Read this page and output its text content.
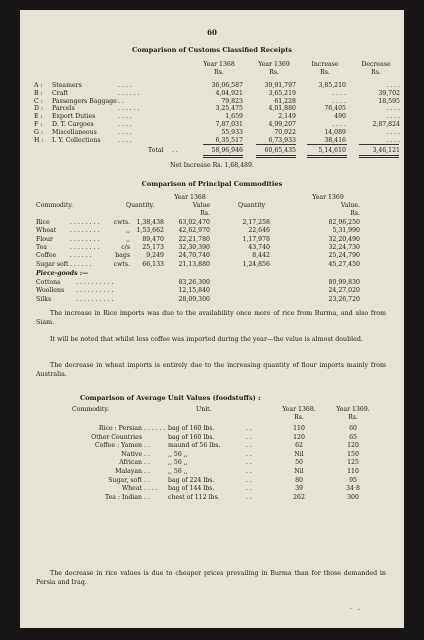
60
Comparison of Customs Classified Receipts
Year 1368	Year 1369	Increase	Decrease
Rs.	Rs.	Rs.	Rs.
A : Steamers	. . . .	36,06,587	39,91,797	3,85,210	. . . .
B : Craft	. . . . . .	4,04,921	3,65,219	. . . .	39,702
C : Passengers Baggage . .	79,823	61,228	. . . .	18,595
D : Parcels	. . . . . .	3,25,475	4,01,880	76,405	. . . .
E : Export Duties	. . . .	1,659	2,149	490	. . . .
F : D. T. Cargoes	. . . .	7,87,031	4,99,207	. . . .	2,87,824
G : Miscellaneous	. . . .	55,933	70,022	14,089	. . . .
H : I. Y. Collections	. . . .	6,35,517	6,73,933	38,416	. . . .
Total . .	58,96,946	60,65,435	5,14,610	3,46,121
Net Increase Rs. 1,68,489.
Comparison of Principal Commodities
Year 1368	Year 1369
Commodity.	Quantity.	Value	Quantity	Value.
Rs.	Rs.
Piece-goods :—
Rice	. . . . . . . .	cwts.	1,38,438	63,02,470	2,17,258	82,96,250
Wheat . . . . . . . .	,,	1,53,662	42,62,970	22,646	5,31,990
Flour	. . . . . . . .	,,	89,470	22,21,780	1,17,978	32,20,490
Tea	. . . . . . . .	c/s	25,173	32,30,390	43,740	32,24,730
Coffee . . . . . .	bags	9,249	24,70,740	8,442	25,24,790
Sugar soft . . . . . .	cwts.	66,133	21,13,880	1,24,856	45,27,450
Cottons	. . . . . . . . . .	83,26,300	80,99,830
Woollens . . . . . . . . . .	12,15,840	24,27,020
Silks	. . . . . . . . . .	28,09,300	23,26,720
The increase in Rice imports was due to the availability once more of rice from Burma, and also from Siam.
It will be noted that whilst less coffee was imported during the year—the value is almost doubled.
The decrease in wheat imports is entirely due to the increasing quantity of flour imports mainly from Australia.
Comparison of Average Unit Values (foodstuffs) :
Commodity.	Unit.	Year 1368.	Year 1369.
Rs.	Rs.
Rice : Persian . . . . . . bag of 160 lbs.	. .	110	60
Other Countries	bag of 160 lbs.	. .	120	65
Coffee : Yamen . .	maund of 56 lbs.	. .	62	120
Native . .	,, 56 ,,	. .	Nil	150
African . .	,, 56 ,,	. .	50	125
Malayan . .	,, 56 ,,	. .	Nil	110
Sugar, soft . .	bag of 224 lbs.	. .	80	95
Wheat . . . . bag of 144 lbs.	. .	39	34·8
Tea : Indian . .	chest of 112 lbs.	. .	262	300
The decrease in rice values is due to cheaper prices prevailing in Burma than for those demanded in Persia and Iraq.
· -
